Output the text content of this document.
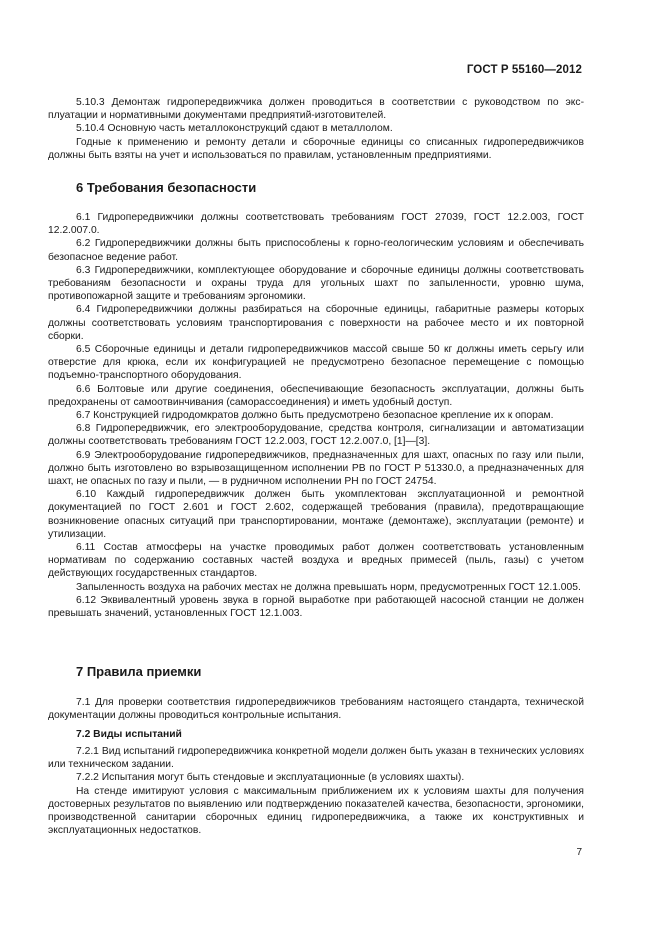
ГОСТ Р 55160—2012

5.10.3 Демонтаж гидропередвижчика должен проводиться в соответствии с руководством по эксплуатации и нормативными документами предприятий-изготовителей.

5.10.4 Основную часть металлоконструкций сдают в металлолом.

Годные к применению и ремонту детали и сборочные единицы со списанных гидропередвижчиков должны быть взяты на учет и использоваться по правилам, установленным предприятиями.

6 Требования безопасности

6.1 Гидропередвижчики должны соответствовать требованиям ГОСТ 27039, ГОСТ 12.2.003, ГОСТ 12.2.007.0.

6.2 Гидропередвижчики должны быть приспособлены к горно-геологическим условиям и обеспечивать безопасное ведение работ.

6.3 Гидропередвижчики, комплектующее оборудование и сборочные единицы должны соответствовать требованиям безопасности и охраны труда для угольных шахт по запыленности, уровню шума, противопожарной защите и требованиям эргономики.

6.4 Гидропередвижчики должны разбираться на сборочные единицы, габаритные размеры которых должны соответствовать условиям транспортирования с поверхности на рабочее место и их повторной сборки.

6.5 Сборочные единицы и детали гидропередвижчиков массой свыше 50 кг должны иметь серьгу или отверстие для крюка, если их конфигурацией не предусмотрено безопасное перемещение с помощью подъемно-транспортного оборудования.

6.6 Болтовые или другие соединения, обеспечивающие безопасность эксплуатации, должны быть предохранены от самоотвинчивания (саморассоединения) и иметь удобный доступ.

6.7 Конструкцией гидродомкратов должно быть предусмотрено безопасное крепление их к опорам.

6.8 Гидропередвижчик, его электрооборудование, средства контроля, сигнализации и автоматизации должны соответствовать требованиям ГОСТ 12.2.003, ГОСТ 12.2.007.0, [1]—[3].

6.9 Электрооборудование гидропередвижчиков, предназначенных для шахт, опасных по газу или пыли, должно быть изготовлено во взрывозащищенном исполнении РВ по ГОСТ Р 51330.0, а предназначенных для шахт, не опасных по газу и пыли, — в рудничном исполнении РН по ГОСТ 24754.

6.10 Каждый гидропередвижчик должен быть укомплектован эксплуатационной и ремонтной документацией по ГОСТ 2.601 и ГОСТ 2.602, содержащей требования (правила), предотвращающие возникновение опасных ситуаций при транспортировании, монтаже (демонтаже), эксплуатации (ремонте) и утилизации.

6.11 Состав атмосферы на участке проводимых работ должен соответствовать установленным нормативам по содержанию составных частей воздуха и вредных примесей (пыль, газы) с учетом действующих государственных стандартов.

Запыленность воздуха на рабочих местах не должна превышать норм, предусмотренных ГОСТ 12.1.005.

6.12 Эквивалентный уровень звука в горной выработке при работающей насосной станции не должен превышать значений, установленных ГОСТ 12.1.003.

7 Правила приемки

7.1 Для проверки соответствия гидропередвижчиков требованиям настоящего стандарта, технической документации должны проводиться контрольные испытания.

7.2 Виды испытаний

7.2.1 Вид испытаний гидропередвижчика конкретной модели должен быть указан в технических условиях или техническом задании.

7.2.2 Испытания могут быть стендовые и эксплуатационные (в условиях шахты).

На стенде имитируют условия с максимальным приближением их к условиям шахты для получения достоверных результатов по выявлению или подтверждению показателей качества, безопасности, эргономики, производственной санитарии сборочных единиц гидропередвижчика, а также их конструктивных и эксплуатационных недостатков.

7
